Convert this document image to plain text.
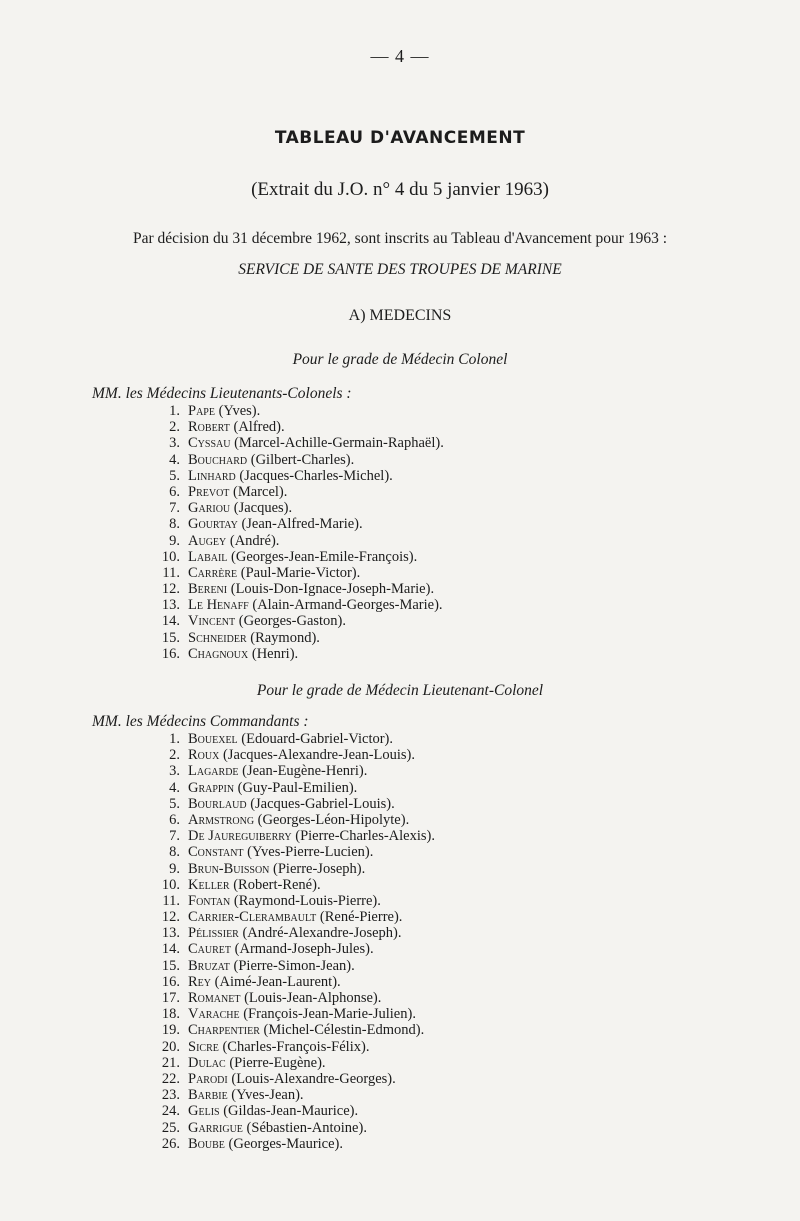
— 4 —
TABLEAU D'AVANCEMENT
(Extrait du J.O. n° 4 du 5 janvier 1963)
Par décision du 31 décembre 1962, sont inscrits au Tableau d'Avancement pour 1963 :
SERVICE DE SANTE DES TROUPES DE MARINE
A) MEDECINS
Pour le grade de Médecin Colonel
MM. les Médecins Lieutenants-Colonels :
1. Pape (Yves).
2. Robert (Alfred).
3. Cyssau (Marcel-Achille-Germain-Raphaël).
4. Bouchard (Gilbert-Charles).
5. Linhard (Jacques-Charles-Michel).
6. Prevot (Marcel).
7. Gariou (Jacques).
8. Gourtay (Jean-Alfred-Marie).
9. Augey (André).
10. Labail (Georges-Jean-Emile-François).
11. Carrère (Paul-Marie-Victor).
12. Bereni (Louis-Don-Ignace-Joseph-Marie).
13. Le Henaff (Alain-Armand-Georges-Marie).
14. Vincent (Georges-Gaston).
15. Schneider (Raymond).
16. Chagnoux (Henri).
Pour le grade de Médecin Lieutenant-Colonel
MM. les Médecins Commandants :
1. Bouexel (Edouard-Gabriel-Victor).
2. Roux (Jacques-Alexandre-Jean-Louis).
3. Lagarde (Jean-Eugène-Henri).
4. Grappin (Guy-Paul-Emilien).
5. Bourlaud (Jacques-Gabriel-Louis).
6. Armstrong (Georges-Léon-Hipolyte).
7. De Jaureguiberry (Pierre-Charles-Alexis).
8. Constant (Yves-Pierre-Lucien).
9. Brun-Buisson (Pierre-Joseph).
10. Keller (Robert-René).
11. Fontan (Raymond-Louis-Pierre).
12. Carrier-Clerambault (René-Pierre).
13. Pélissier (André-Alexandre-Joseph).
14. Cauret (Armand-Joseph-Jules).
15. Bruzat (Pierre-Simon-Jean).
16. Rey (Aimé-Jean-Laurent).
17. Romanet (Louis-Jean-Alphonse).
18. Varache (François-Jean-Marie-Julien).
19. Charpentier (Michel-Célestin-Edmond).
20. Sicre (Charles-François-Félix).
21. Dulac (Pierre-Eugène).
22. Parodi (Louis-Alexandre-Georges).
23. Barbie (Yves-Jean).
24. Gelis (Gildas-Jean-Maurice).
25. Garrigue (Sébastien-Antoine).
26. Boube (Georges-Maurice).
